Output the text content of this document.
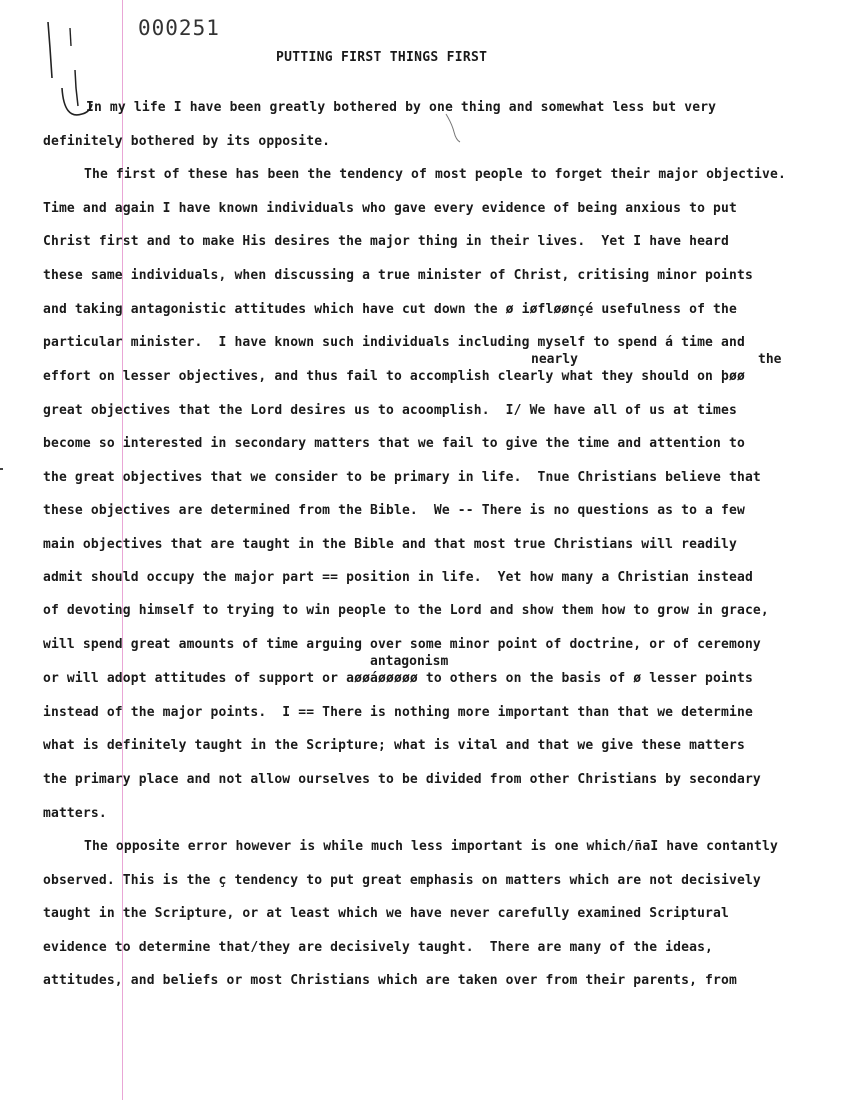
000251
PUTTING FIRST THINGS FIRST
nearly	the
antagonism
In my life I have been greatly bothered by one thing and somewhat less but very
definitely bothered by its opposite.
The first of these has been the tendency of most people to forget their major objective.
Time and again I have known individuals who gave every evidence of being anxious to put
Christ first and to make His desires the major thing in their lives.  Yet I have heard
these same individuals, when discussing a true minister of Christ, critising minor points
and taking antagonistic attitudes which have cut down the ø iøfløønçé usefulness of the
particular minister.  I have known such individuals including myself to spend á time and
effort on lesser objectives, and thus fail to accomplish clearly what they should on þøø
great objectives that the Lord desires us to acoomplish.  I/ We have all of us at times
become so interested in secondary matters that we fail to give the time and attention to
the great objectives that we consider to be primary in life.  Tnue Christians believe that
these objectives are determined from the Bible.  We -- There is no questions as to a few
main objectives that are taught in the Bible and that most true Christians will readily
admit should occupy the major part == position in life.  Yet how many a Christian instead
of devoting himself to trying to win people to the Lord and show them how to grow in grace,
will spend great amounts of time arguing over some minor point of doctrine, or of ceremony
or will adopt attitudes of support or aøøáøøøøø to others on the basis of ø lesser points
instead of the major points.  I == There is nothing more important than that we determine
what is definitely taught in the Scripture; what is vital and that we give these matters
the primary place and not allow ourselves to be divided from other Christians by secondary
matters.
The opposite error however is while much less important is one which/ñaI have contantly
observed. This is the ç tendency to put great emphasis on matters which are not decisively
taught in the Scripture, or at least which we have never carefully examined Scriptural
evidence to determine that/they are decisively taught.  There are many of the ideas,
attitudes, and beliefs or most Christians which are taken over from their parents, from
